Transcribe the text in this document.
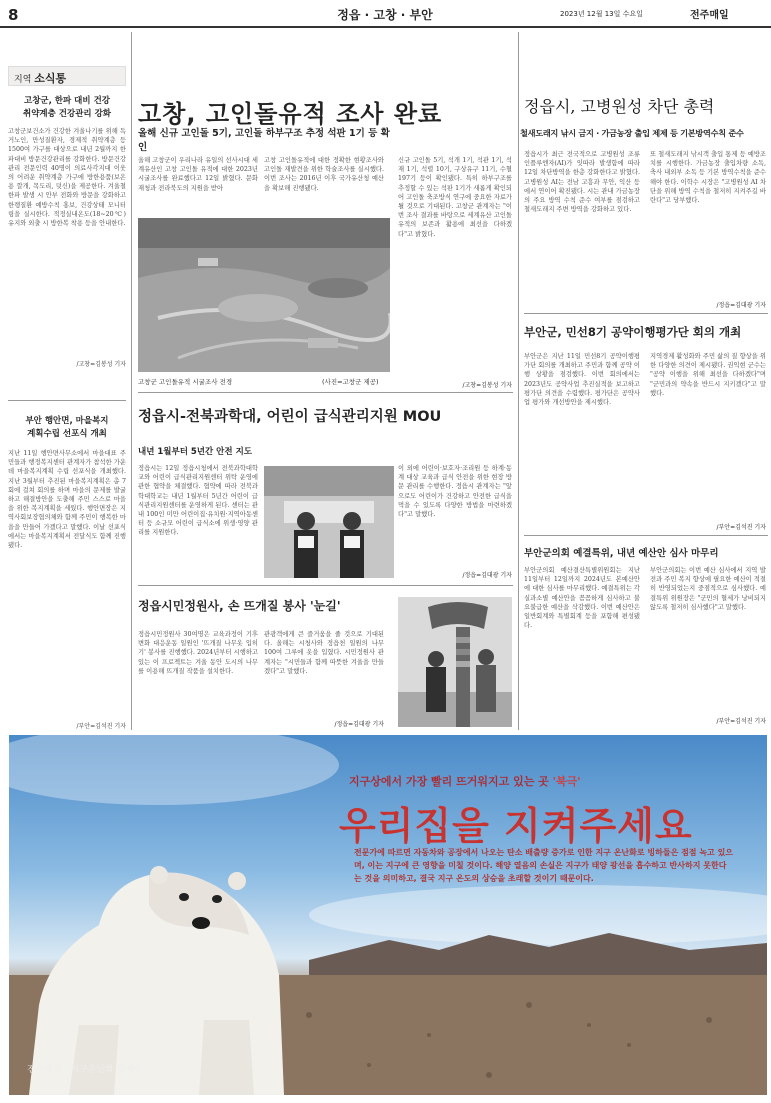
8	정읍 · 고창 · 부안	2023년 12월 13일 수요일	전주매일
지역 소식통
고창군, 한파 대비 건강
취약계층 건강관리 강화
고창군보건소가 건강한 겨울나기를 위해 독거노인, 만성질환자, 경제적 취약계층 등 1500여 가구를 대상으로 내년 2월까지 한파대비 방문건강관리를 강화한다. 방문건강관리 전문인력 40명이 의료사각지대 이웃의 어려운 취약계층 가구에 방한용품(보온용 깔개, 목도리, 덧신)을 제공한다. 겨울철 한파 발생 시 안부 전화와 방문을 강화하고 한랭질환 예방수칙 홍보, 건강상태 모니터링을 실시한다. 적정실내온도(18~20℃) 유지와 외출 시 방한복 착용 등을 안내한다.
/고창=김봉성 기자
부안 행안면, 마을복지
계획수립 선포식 개최
지난 11일 행안면사무소에서 마을대표 주민들과 행정복지센터 관계자가 참석한 가운데 마을복지계획 수립 선포식을 개최했다. 지난 3월부터 추진된 마을복지계획은 총 7회에 걸쳐 회의를 하며 마을의 문제를 발굴하고 해결방안을 도출해 주민 스스로 마을을 위한 복지계획을 세웠다. 행안면장은 지역사회보장협의체와 함께 주민이 행복한 마을을 만들어 가겠다고 말했다. 이날 선포식에서는 마을복지계획서 전달식도 함께 진행됐다.
/부안=김석진 기자
고창, 고인돌유적 조사 완료
올해 신규 고인돌 5기, 고인돌 하부구조 추정 석판 1기 등 확인
올해 고창군이 우리나라 유일의 선사시대 세계유산인 고창 고인돌 유적에 대한 2023년 시굴조사를 완료했다고 12일 밝혔다. 문화재청과 전라북도의 지원을 받아
고창 고인돌유적에 대한 정확한 현황조사와 고인돌 재발견을 위한 학술조사를 실시했다. 이번 조사는 2016년 이후 국가유산청 예산을 확보해 진행됐다.
신규 고인돌 5기, 석개 1기, 석관 1기, 석재 1기, 석렬 10기, 구상유구 11기, 수혈 197기 등이 확인됐다. 특히 하부구조를 추정할 수 있는 석판 1기가 새롭게 확인되어 고인돌 축조방식 연구에 중요한 자료가 될 것으로 기대된다. 고창군 관계자는 "이번 조사 결과를 바탕으로 세계유산 고인돌 유적의 보존과 활용에 최선을 다하겠다"고 밝혔다.
/고창=김봉성 기자
고창군 고인돌유적 시굴조사 전경	(사진=고창군 제공)
정읍시-전북과학대, 어린이 급식관리지원 MOU
내년 1월부터 5년간 안전 지도
정읍시는 12일 정읍시청에서 전북과학대학교와 어린이 급식관리지원센터 위탁 운영에 관한 협약을 체결했다. 협약에 따라 전북과학대학교는 내년 1월부터 5년간 어린이 급식관리지원센터를 운영하게 된다. 센터는 관내 100인 미만 어린이집·유치원·지역아동센터 등 소규모 어린이 급식소에 위생·영양 관리를 지원한다.
이 외에 어린이·보호자·조리원 등 하계·동계 대상 교육과 급식 안전을 위한 현장 방문 관리를 수행한다. 정읍시 관계자는 "앞으로도 어린이가 건강하고 안전한 급식을 먹을 수 있도록 다양한 방법을 마련하겠다"고 말했다.
/정읍=김대광 기자
정읍시민정원사, 손 뜨개질 봉사 '눈길'
정읍시민정원사 30여명은 교육과정이 기후변화 대응운동 일원인 '뜨개질 나무옷 입히기' 봉사를 진행했다. 2024년부터 시행하고 있는 이 프로젝트는 겨울 동안 도시의 나무를 이용해 뜨개질 작품을 설치한다.
관광객에게 큰 즐거움을 줄 것으로 기대된다. 올해는 시청사와 정읍천 일원의 나무 100여 그루에 옷을 입혔다. 시민정원사 관계자는 "시민들과 함께 따뜻한 겨울을 만들겠다"고 말했다.
/정읍=김대광 기자
정읍시, 고병원성 차단 총력
철새도래지 낚시 금지 · 가금농장 출입 제제 등 기본방역수칙 준수
정읍시가 최근 전국적으로 고병원성 조류인플루엔자(AI)가 잇따라 발생함에 따라 12일 차단방역을 한층 강화한다고 밝혔다. 고병원성 AI는 전남 고흥과 무안, 익산 등에서 연이어 확진됐다. 시는 관내 가금농장의 주요 방역 수칙 준수 여부를 점검하고 철새도래지 주변 방역을 강화하고 있다.
또 철새도래지 낚시객 출입 통제 등 예방조치를 시행한다. 가금농장 출입차량 소독, 축사 내외부 소독 등 기본 방역수칙을 준수해야 한다. 이학수 시장은 "고병원성 AI 차단을 위해 방역 수칙을 철저히 지켜주길 바란다"고 당부했다.
/정읍=김대광 기자
부안군, 민선8기 공약이행평가단 회의 개최
부안군은 지난 11일 민선8기 공약이행평가단 회의를 개최하고 주민과 함께 공약 이행 상황을 점검했다. 이번 회의에서는 2023년도 공약사업 추진실적을 보고하고 평가단 의견을 수렴했다. 평가단은 공약사업 평가와 개선방안을 제시했다.
지역경제 활성화와 주민 삶의 질 향상을 위한 다양한 의견이 제시됐다. 권익현 군수는 "공약 이행을 위해 최선을 다하겠다"며 "군민과의 약속을 반드시 지키겠다"고 말했다.
/부안=김석진 기자
부안군의회 예결특위, 내년 예산안 심사 마무리
부안군의회 예산결산특별위원회는 지난 11일부터 12일까지 2024년도 본예산안에 대한 심사를 마무리했다. 예결특위는 각 실과소별 예산안을 꼼꼼하게 심사하고 불요불급한 예산을 삭감했다. 이번 예산안은 일반회계와 특별회계 등을 포함해 편성됐다.
부안군의회는 이번 예산 심사에서 지역 발전과 주민 복지 향상에 필요한 예산이 적절히 반영되었는지 중점적으로 심사했다. 예결특위 위원장은 "군민의 혈세가 낭비되지 않도록 철저히 심사했다"고 말했다.
/부안=김석진 기자
지구상에서 가장 빨리 뜨거워지고 있는 곳 '북극'
우리집을 지켜주세요
전문가에 따르면 자동차와 공장에서 나오는 탄소 배출량 증가로 인한 지구 온난화로 빙하들은 점점 녹고 있으며, 이는 지구에 큰 영향을 미칠 것이다. 해양 열음의 손실은 지구가 태양 광선을 흡수하고 반사하지 못한다는 것을 의미하고, 결국 지구 온도의 상승을 초래할 것이기 때문이다.
전주매일 · 지구온난화 캠페인
